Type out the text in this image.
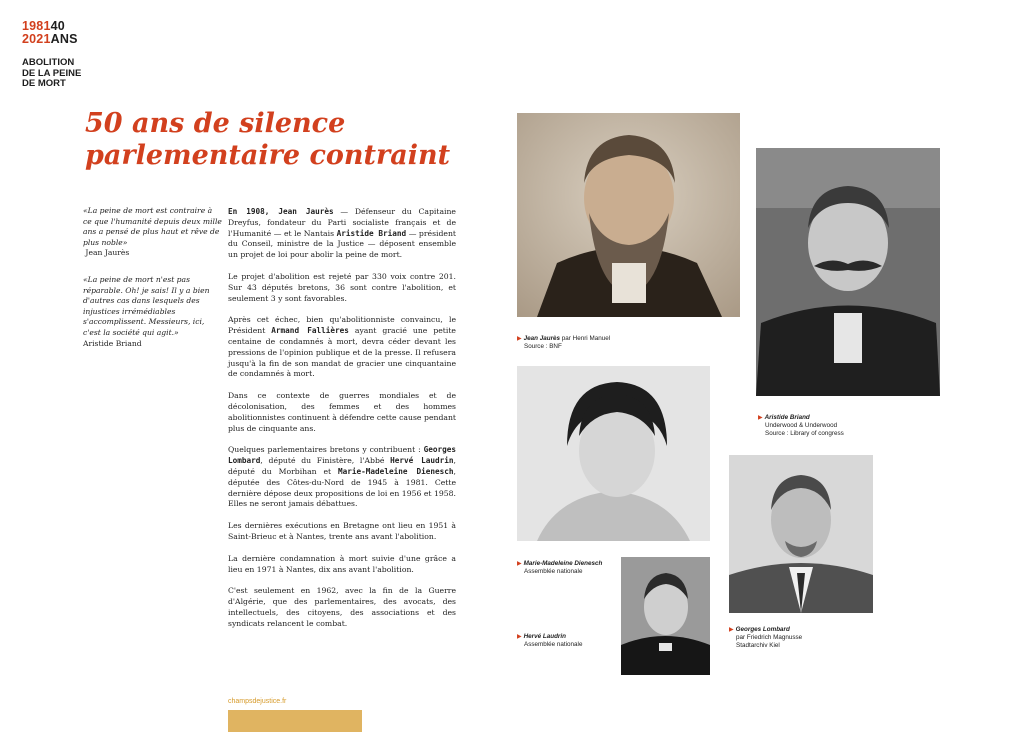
198140
2021ANS
ABOLITION
DE LA PEINE
DE MORT
50 ans de silence
parlementaire contraint
«La peine de mort est contraire à ce que l'humanité depuis deux mille ans a pensé de plus haut et rêve de plus noble»
Jean Jaurès
«La peine de mort n'est pas réparable. Oh! je sais! Il y a bien d'autres cas dans lesquels des injustices irrémédiables s'accomplissent. Messieurs, ici, c'est la société qui agit.»
Aristide Briand

En 1908, Jean Jaurès — Défenseur du Capitaine Dreyfus, fondateur du Parti socialiste français et de l'Humanité — et le Nantais Aristide Briand — président du Conseil, ministre de la Justice — déposent ensemble un projet de loi pour abolir la peine de mort.

Le projet d'abolition est rejeté par 330 voix contre 201. Sur 43 députés bretons, 36 sont contre l'abolition, et seulement 3 y sont favorables.

Après cet échec, bien qu'abolitionniste convaincu, le Président Armand Fallières ayant gracié une petite centaine de condamnés à mort, devra céder devant les pressions de l'opinion publique et de la presse. Il refusera jusqu'à la fin de son mandat de gracier une cinquantaine de condamnés à mort.

Dans ce contexte de guerres mondiales et de décolonisation, des femmes et des hommes abolitionnistes continuent à défendre cette cause pendant plus de cinquante ans.

Quelques parlementaires bretons y contribuent : Georges Lombard, député du Finistère, l'Abbé Hervé Laudrin, député du Morbihan et Marie-Madeleine Dienesch, députée des Côtes-du-Nord de 1945 à 1981. Cette dernière dépose deux propositions de loi en 1956 et 1958. Elles ne seront jamais débattues.

Les dernières exécutions en Bretagne ont lieu en 1951 à Saint-Brieuc et à Nantes, trente ans avant l'abolition.

La dernière condamnation à mort suivie d'une grâce a lieu en 1971 à Nantes, dix ans avant l'abolition.

C'est seulement en 1962, avec la fin de la Guerre d'Algérie, que des parlementaires, des avocats, des intellectuels, des citoyens, des associations et des syndicats relancent le combat.

champsdejustice.fr
▶ Jean Jaurès par Henri Manuel
Source : BNF
▶ Aristide Briand
Underwood & Underwood
Source : Library of congress
▶ Marie-Madeleine Dienesch
Assemblée nationale
▶ Hervé Laudrin
Assemblée nationale
▶ Georges Lombard
par Friedrich Magnusse
Stadtarchiv Kiel
